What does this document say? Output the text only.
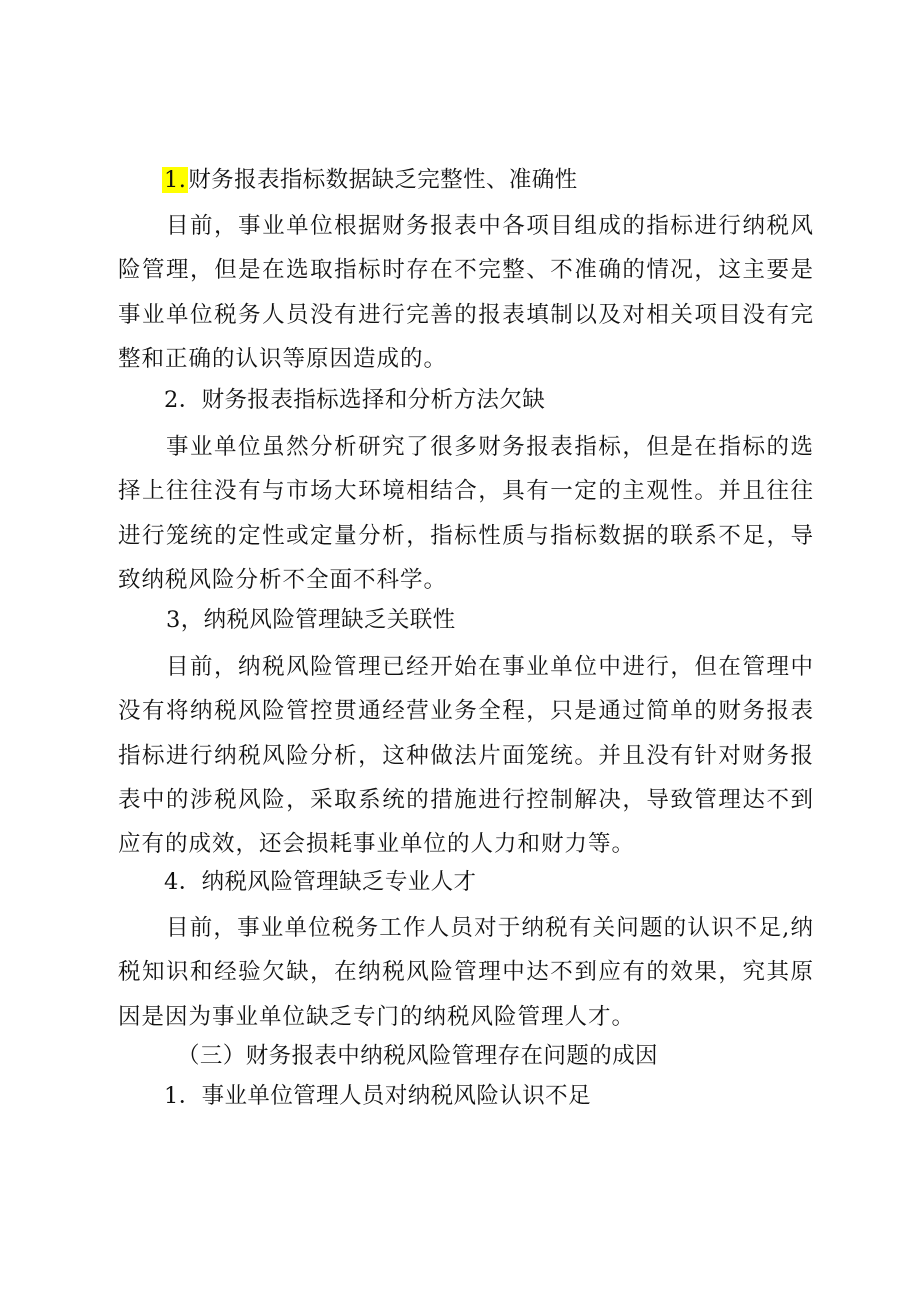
1.财务报表指标数据缺乏完整性、准确性

目前，事业单位根据财务报表中各项目组成的指标进行纳税风险管理，但是在选取指标时存在不完整、不准确的情况，这主要是事业单位税务人员没有进行完善的报表填制以及对相关项目没有完整和正确的认识等原因造成的。

2．财务报表指标选择和分析方法欠缺

事业单位虽然分析研究了很多财务报表指标，但是在指标的选择上往往没有与市场大环境相结合，具有一定的主观性。并且往往进行笼统的定性或定量分析，指标性质与指标数据的联系不足，导致纳税风险分析不全面不科学。

3，纳税风险管理缺乏关联性

目前，纳税风险管理已经开始在事业单位中进行，但在管理中没有将纳税风险管控贯通经营业务全程，只是通过简单的财务报表指标进行纳税风险分析，这种做法片面笼统。并且没有针对财务报表中的涉税风险，采取系统的措施进行控制解决，导致管理达不到应有的成效，还会损耗事业单位的人力和财力等。

4．纳税风险管理缺乏专业人才

目前，事业单位税务工作人员对于纳税有关问题的认识不足,纳税知识和经验欠缺，在纳税风险管理中达不到应有的效果，究其原因是因为事业单位缺乏专门的纳税风险管理人才。

（三）财务报表中纳税风险管理存在问题的成因
1．事业单位管理人员对纳税风险认识不足
